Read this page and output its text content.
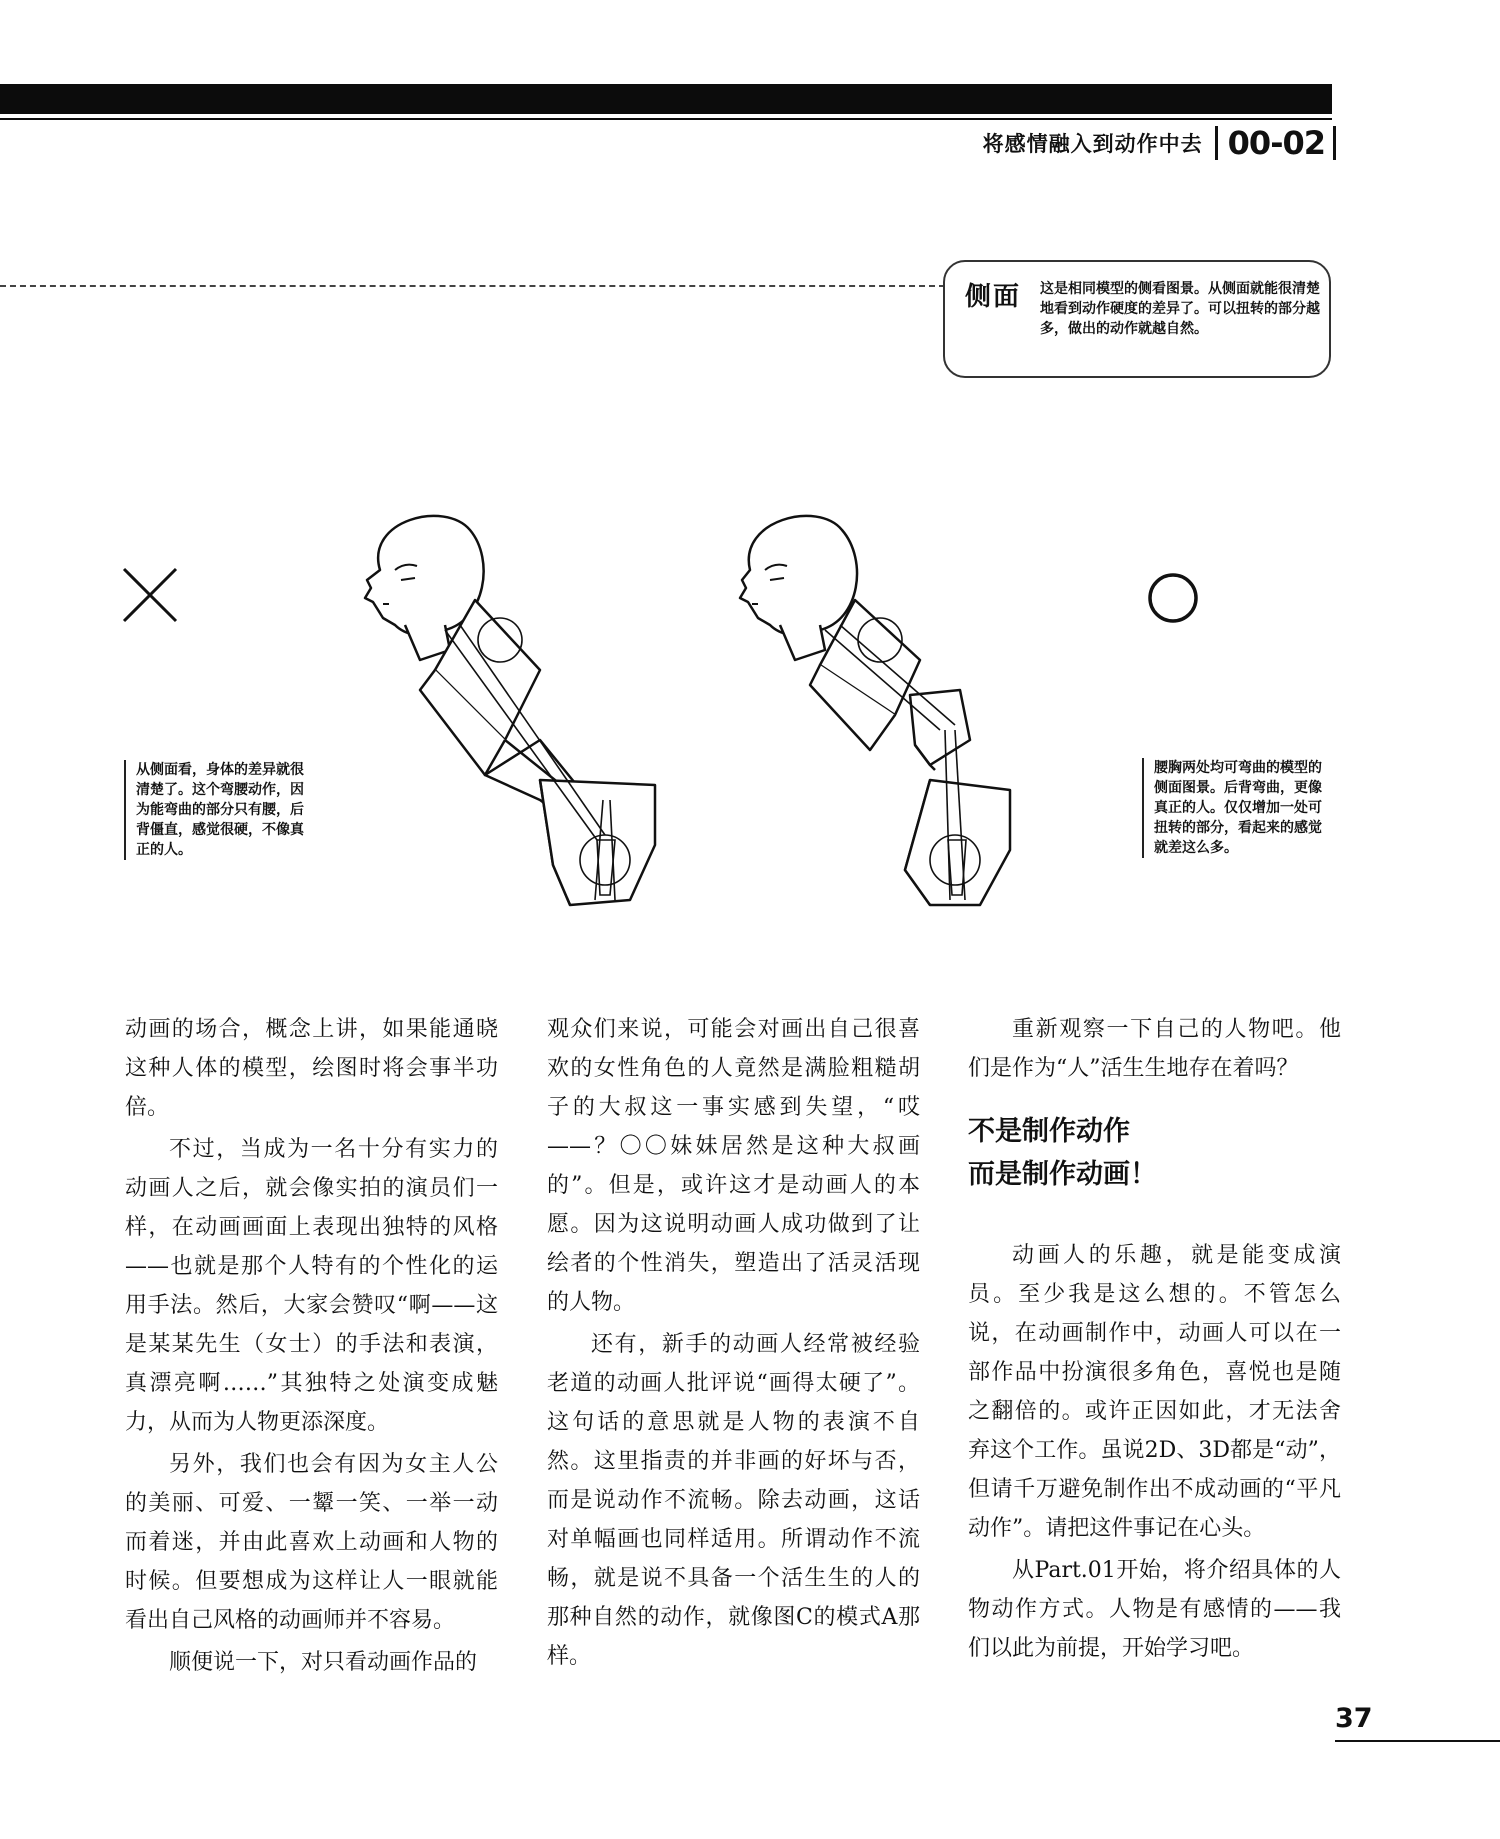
将感情融入到动作中去 00-02
侧面 这是相同模型的侧看图景。从侧面就能很清楚地看到动作硬度的差异了。可以扭转的部分越多，做出的动作就越自然。
从侧面看，身体的差异就很清楚了。这个弯腰动作，因为能弯曲的部分只有腰，后背僵直，感觉很硬，不像真正的人。
腰胸两处均可弯曲的模型的侧面图景。后背弯曲，更像真正的人。仅仅增加一处可扭转的部分，看起来的感觉就差这么多。

动画的场合，概念上讲，如果能通晓这种人体的模型，绘图时将会事半功倍。

不过，当成为一名十分有实力的动画人之后，就会像实拍的演员们一样，在动画画面上表现出独特的风格——也就是那个人特有的个性化的运用手法。然后，大家会赞叹“啊——这是某某先生（女士）的手法和表演，真漂亮啊……”其独特之处演变成魅力，从而为人物更添深度。

另外，我们也会有因为女主人公的美丽、可爱、一颦一笑、一举一动而着迷，并由此喜欢上动画和人物的时候。但要想成为这样让人一眼就能看出自己风格的动画师并不容易。

顺便说一下，对只看动画作品的

观众们来说，可能会对画出自己很喜欢的女性角色的人竟然是满脸粗糙胡子的大叔这一事实感到失望，“哎——？〇〇妹妹居然是这种大叔画的”。但是，或许这才是动画人的本愿。因为这说明动画人成功做到了让绘者的个性消失，塑造出了活灵活现的人物。

还有，新手的动画人经常被经验老道的动画人批评说“画得太硬了”。这句话的意思就是人物的表演不自然。这里指责的并非画的好坏与否，而是说动作不流畅。除去动画，这话对单幅画也同样适用。所谓动作不流畅，就是说不具备一个活生生的人的那种自然的动作，就像图C的模式A那样。

重新观察一下自己的人物吧。他们是作为“人”活生生地存在着吗？

不是制作动作
而是制作动画！

动画人的乐趣，就是能变成演员。至少我是这么想的。不管怎么说，在动画制作中，动画人可以在一部作品中扮演很多角色，喜悦也是随之翻倍的。或许正因如此，才无法舍弃这个工作。虽说2D、3D都是“动”，但请千万避免制作出不成动画的“平凡动作”。请把这件事记在心头。

从Part.01开始，将介绍具体的人物动作方式。人物是有感情的——我们以此为前提，开始学习吧。

37
